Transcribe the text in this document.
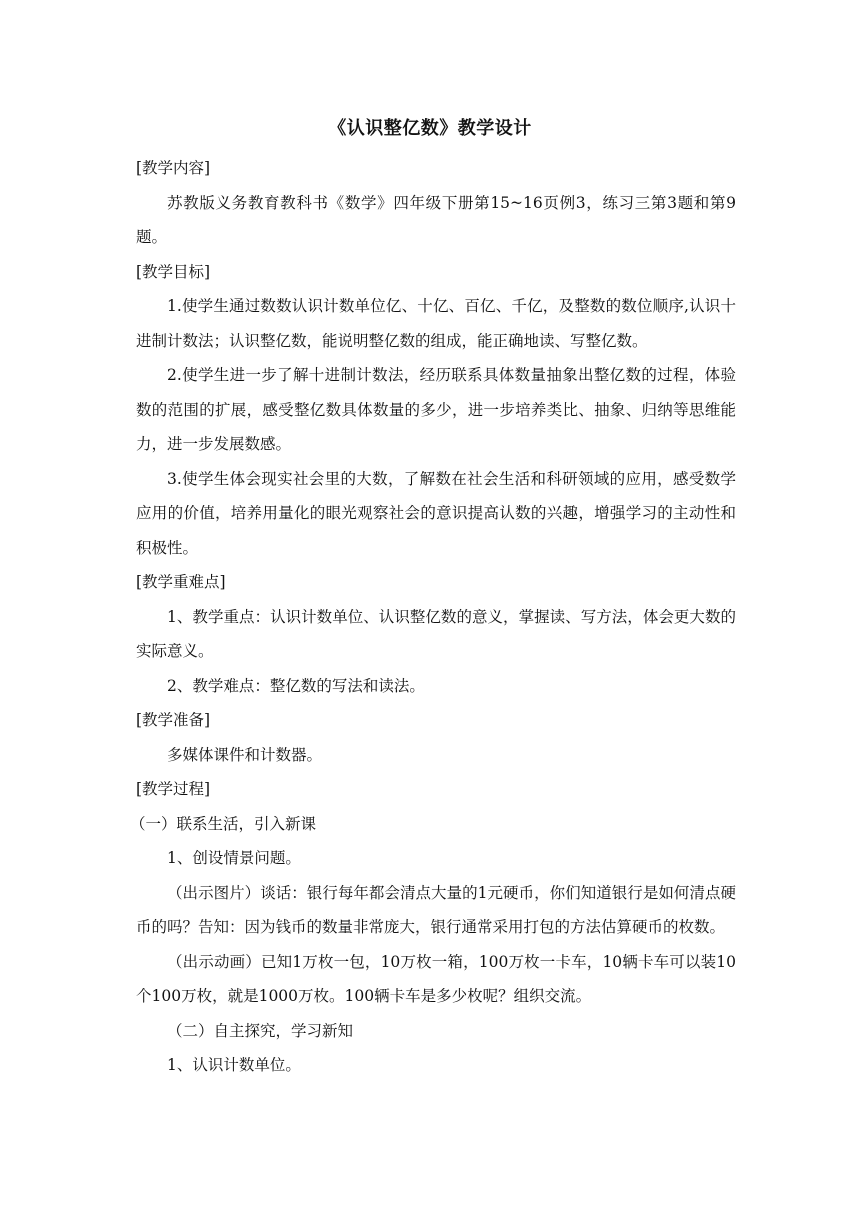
《认识整亿数》教学设计

[教学内容]

苏教版义务教育教科书《数学》四年级下册第15~16页例3，练习三第3题和第9题。

[教学目标]

1.使学生通过数数认识计数单位亿、十亿、百亿、千亿，及整数的数位顺序,认识十进制计数法；认识整亿数，能说明整亿数的组成，能正确地读、写整亿数。

2.使学生进一步了解十进制计数法，经历联系具体数量抽象出整亿数的过程，体验数的范围的扩展，感受整亿数具体数量的多少，进一步培养类比、抽象、归纳等思维能力，进一步发展数感。

3.使学生体会现实社会里的大数，了解数在社会生活和科研领域的应用，感受数学应用的价值，培养用量化的眼光观察社会的意识提高认数的兴趣，增强学习的主动性和积极性。

[教学重难点]

1、教学重点：认识计数单位、认识整亿数的意义，掌握读、写方法，体会更大数的实际意义。

2、教学难点：整亿数的写法和读法。

[教学准备]

多媒体课件和计数器。

[教学过程]

（一）联系生活，引入新课

1、创设情景问题。

（出示图片）谈话：银行每年都会清点大量的1元硬币，你们知道银行是如何清点硬币的吗？告知：因为钱币的数量非常庞大，银行通常采用打包的方法估算硬币的枚数。

（出示动画）已知1万枚一包，10万枚一箱，100万枚一卡车，10辆卡车可以装10个100万枚，就是1000万枚。100辆卡车是多少枚呢？组织交流。

（二）自主探究，学习新知

1、认识计数单位。
